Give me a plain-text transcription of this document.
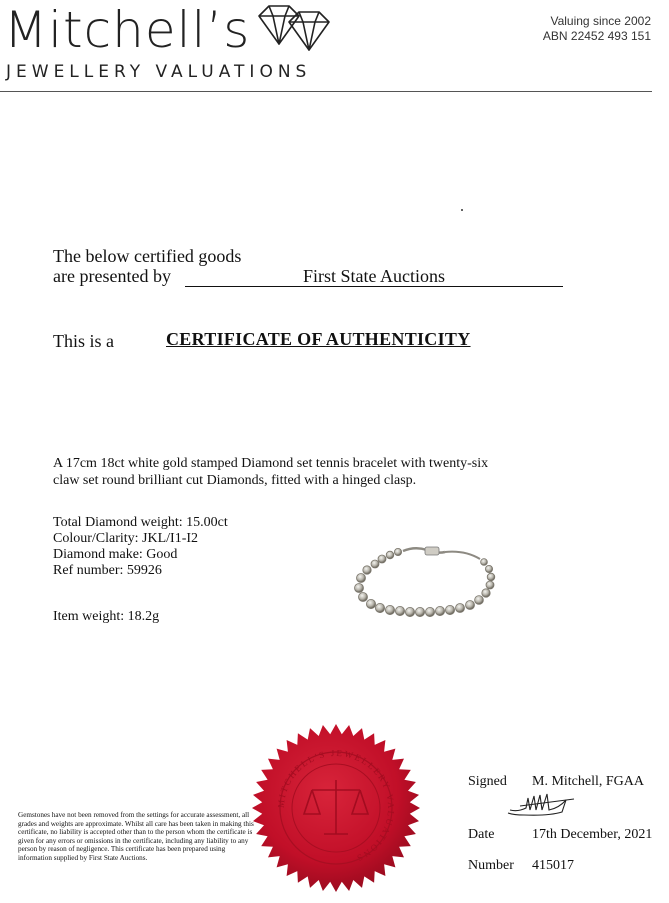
Mitchell’s
JEWELLERY VALUATIONS
Valuing since 2002
ABN 22452 493 151
The below certified goods
are presented by	First State Auctions
This is a	CERTIFICATE OF AUTHENTICITY
A 17cm 18ct white gold stamped Diamond set tennis bracelet with twenty-six
claw set round brilliant cut Diamonds, fitted with a hinged clasp.
Total Diamond weight: 15.00ct
Colour/Clarity: JKL/I1-I2
Diamond make: Good
Ref number: 59926
Item weight: 18.2g
Gemstones have not been removed from the settings for accurate assessment, all grades and weights are approximate. Whilst all care has been taken in making this certificate, no liability is accepted other than to the person whom the certificate is given for any errors or omissions in the certificate, including any liability to any person by reason of negligence. This certificate has been prepared using information supplied by First State Auctions.
MITCHELL'S JEWELLERY VALUATIONS
Signed M. Mitchell, FGAA
Date	17th December, 2021
Number 415017
